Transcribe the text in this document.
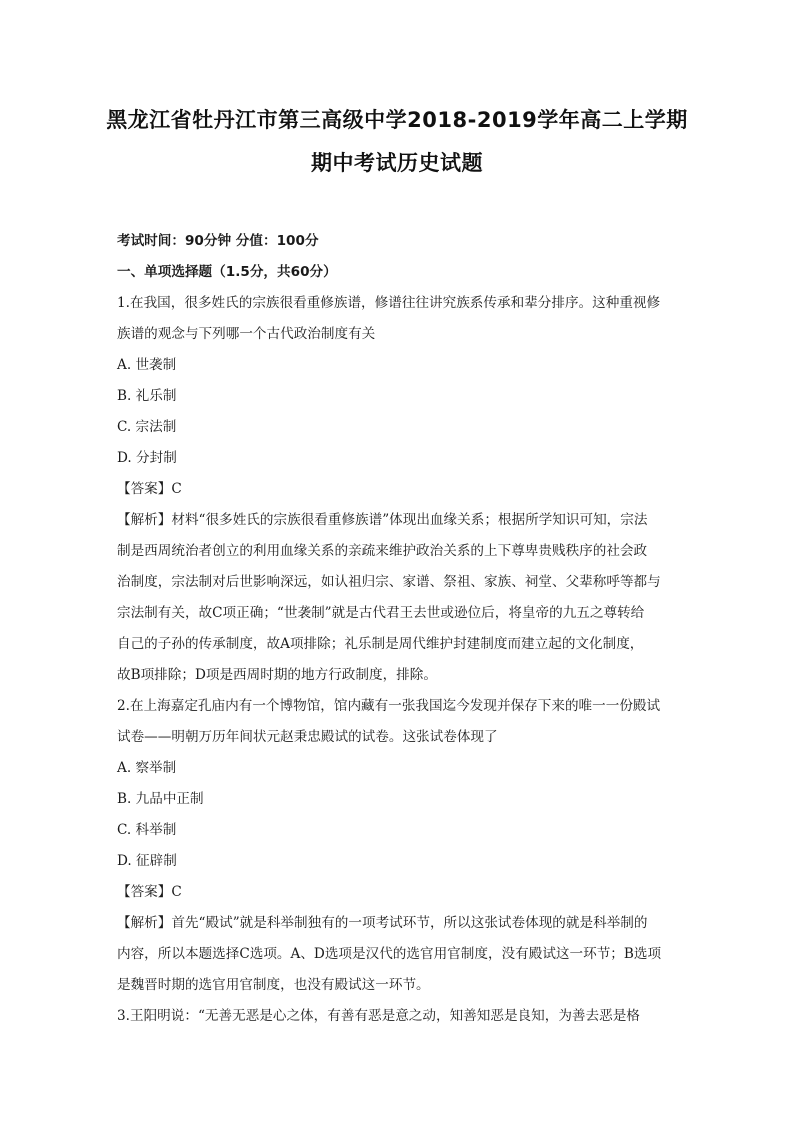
黑龙江省牡丹江市第三高级中学2018-2019学年高二上学期
期中考试历史试题

考试时间：90分钟 分值：100分

一、单项选择题（1.5分，共60分）

1.在我国，很多姓氏的宗族很看重修族谱，修谱往往讲究族系传承和辈分排序。这种重视修

族谱的观念与下列哪一个古代政治制度有关

A. 世袭制

B. 礼乐制

C. 宗法制

D. 分封制

【答案】C

【解析】材料“很多姓氏的宗族很看重修族谱”体现出血缘关系；根据所学知识可知，宗法

制是西周统治者创立的利用血缘关系的亲疏来维护政治关系的上下尊卑贵贱秩序的社会政

治制度，宗法制对后世影响深远，如认祖归宗、家谱、祭祖、家族、祠堂、父辈称呼等都与

宗法制有关，故C项正确；“世袭制”就是古代君王去世或逊位后，将皇帝的九五之尊转给

自己的子孙的传承制度，故A项排除；礼乐制是周代维护封建制度而建立起的文化制度，

故B项排除；D项是西周时期的地方行政制度，排除。

2.在上海嘉定孔庙内有一个博物馆，馆内藏有一张我国迄今发现并保存下来的唯一一份殿试

试卷——明朝万历年间状元赵秉忠殿试的试卷。这张试卷体现了

A. 察举制

B. 九品中正制

C. 科举制

D. 征辟制

【答案】C

【解析】首先“殿试”就是科举制独有的一项考试环节，所以这张试卷体现的就是科举制的

内容，所以本题选择C选项。A、D选项是汉代的选官用官制度，没有殿试这一环节；B选项

是魏晋时期的选官用官制度，也没有殿试这一环节。

3.王阳明说：“无善无恶是心之体，有善有恶是意之动，知善知恶是良知，为善去恶是格
